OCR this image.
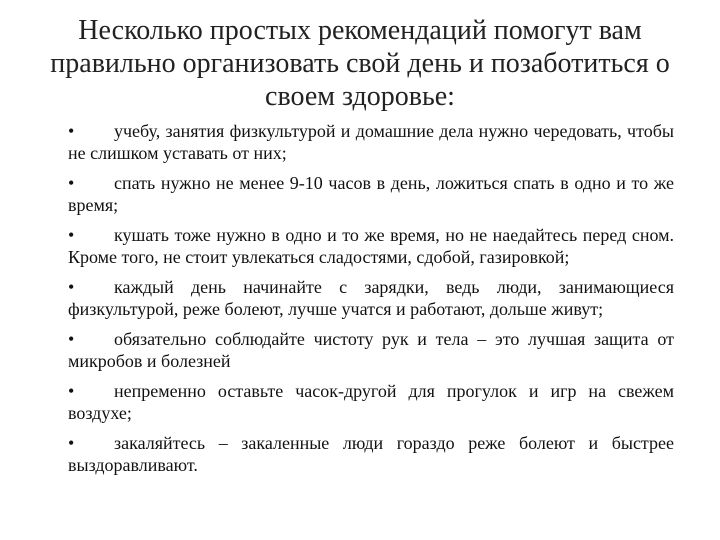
Несколько простых рекомендаций помогут вам правильно организовать свой день и позаботиться о своем здоровье:
• учебу, занятия физкультурой и домашние дела нужно чередовать, чтобы не слишком уставать от них;
• спать нужно не менее 9-10 часов в день, ложиться спать в одно и то же время;
• кушать тоже нужно в одно и то же время, но не наедайтесь перед сном. Кроме того, не стоит увлекаться сладостями, сдобой, газировкой;
• каждый день начинайте с зарядки, ведь люди, занимающиеся физкультурой, реже болеют, лучше учатся и работают, дольше живут;
• обязательно соблюдайте чистоту рук и тела – это лучшая защита от микробов и болезней
• непременно оставьте часок-другой для прогулок и игр на свежем воздухе;
• закаляйтесь – закаленные люди гораздо реже болеют и быстрее выздоравливают.
